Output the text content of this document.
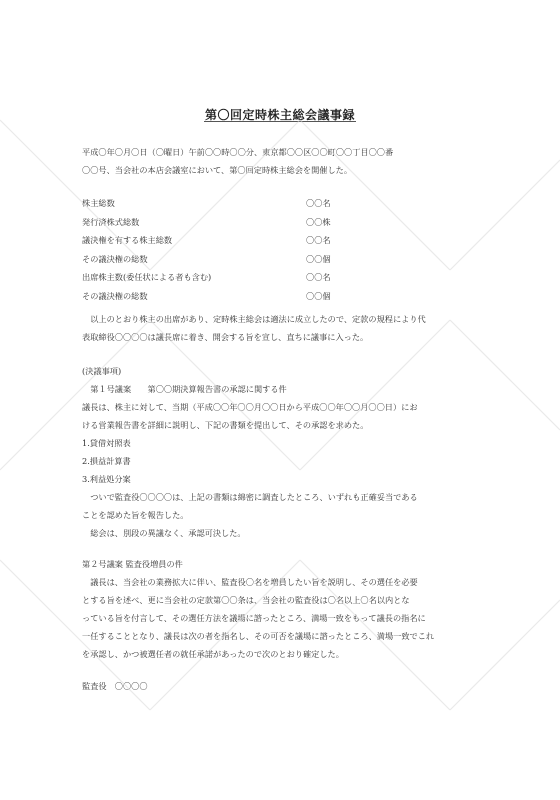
第〇回定時株主総会議事録
平成〇年〇月〇日（〇曜日）午前〇〇時〇〇分、東京都〇〇区〇〇町〇〇丁目〇〇番
〇〇号、当会社の本店会議室において、第〇回定時株主総会を開催した。
株主総数	〇〇名
発行済株式総数	〇〇株
議決権を有する株主総数	〇〇名
その議決権の総数	〇〇個
出席株主数(委任状による者も含む)	〇〇名
その議決権の総数	〇〇個
　以上のとおり株主の出席があり、定時株主総会は適法に成立したので、定款の規程により代
表取締役〇〇〇〇は議長席に着き、開会する旨を宣し、直ちに議事に入った。
(決議事項)
　第１号議案　　第〇〇期決算報告書の承認に関する件
議長は、株主に対して、当期（平成〇〇年〇〇月〇〇日から平成〇〇年〇〇月〇〇日）にお
ける営業報告書を詳細に説明し、下記の書類を提出して、その承認を求めた。
1.貸借対照表
2.損益計算書
3.利益処分案
　ついで監査役〇〇〇〇は、上記の書類は綿密に調査したところ、いずれも正確妥当である
ことを認めた旨を報告した。
　総会は、別段の異議なく、承認可決した。
第２号議案 監査役増員の件
　議長は、当会社の業務拡大に伴い、監査役〇名を増員したい旨を説明し、その選任を必要
とする旨を述べ、更に当会社の定款第〇〇条は、当会社の監査役は〇名以上〇名以内とな
っている旨を付言して、その選任方法を議場に諮ったところ、満場一致をもって議長の指名に
一任することとなり、議長は次の者を指名し、その可否を議場に諮ったところ、満場一致でこれ
を承認し、かつ被選任者の就任承諾があったので次のとおり確定した。
監査役　〇〇〇〇
